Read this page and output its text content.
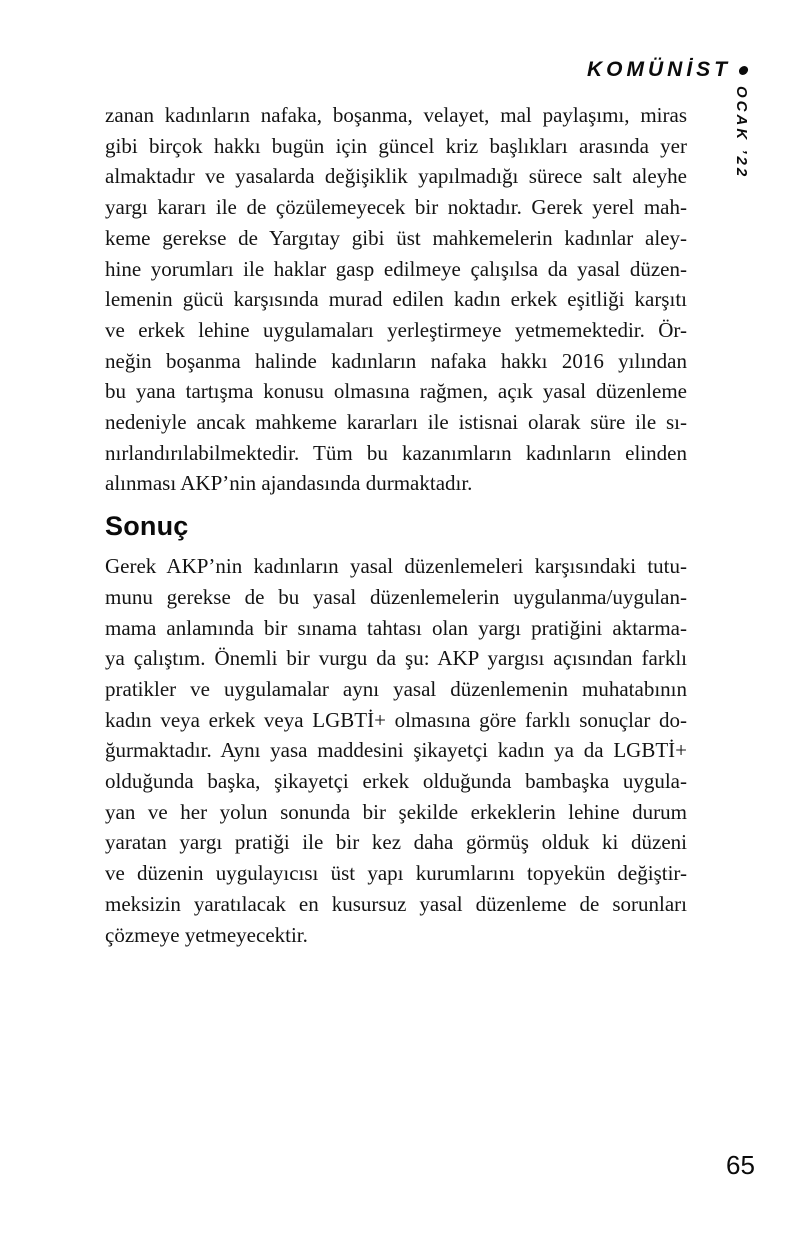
KOMÜNİST
OCAK ’22
zanan kadınların nafaka, boşanma, velayet, mal paylaşımı, miras
gibi birçok hakkı bugün için güncel kriz başlıkları arasında yer
almaktadır ve yasalarda değişiklik yapılmadığı sürece salt aleyhe
yargı kararı ile de çözülemeyecek bir noktadır. Gerek yerel mah-
keme gerekse de Yargıtay gibi üst mahkemelerin kadınlar aley-
hine yorumları ile haklar gasp edilmeye çalışılsa da yasal düzen-
lemenin gücü karşısında murad edilen kadın erkek eşitliği karşıtı
ve erkek lehine uygulamaları yerleştirmeye yetmemektedir. Ör-
neğin boşanma halinde kadınların nafaka hakkı 2016 yılından
bu yana tartışma konusu olmasına rağmen, açık yasal düzenleme
nedeniyle ancak mahkeme kararları ile istisnai olarak süre ile sı-
nırlandırılabilmektedir. Tüm bu kazanımların kadınların elinden
alınması AKP’nin ajandasında durmaktadır.
Sonuç
Gerek AKP’nin kadınların yasal düzenlemeleri karşısındaki tutu-
munu gerekse de bu yasal düzenlemelerin uygulanma/uygulan-
mama anlamında bir sınama tahtası olan yargı pratiğini aktarma-
ya çalıştım. Önemli bir vurgu da şu: AKP yargısı açısından farklı
pratikler ve uygulamalar aynı yasal düzenlemenin muhatabının
kadın veya erkek veya LGBTİ+ olmasına göre farklı sonuçlar do-
ğurmaktadır. Aynı yasa maddesini şikayetçi kadın ya da LGBTİ+
olduğunda başka, şikayetçi erkek olduğunda bambaşka uygula-
yan ve her yolun sonunda bir şekilde erkeklerin lehine durum
yaratan yargı pratiği ile bir kez daha görmüş olduk ki düzeni
ve düzenin uygulayıcısı üst yapı kurumlarını topyekün değiştir-
meksizin yaratılacak en kusursuz yasal düzenleme de sorunları
çözmeye yetmeyecektir.
65
